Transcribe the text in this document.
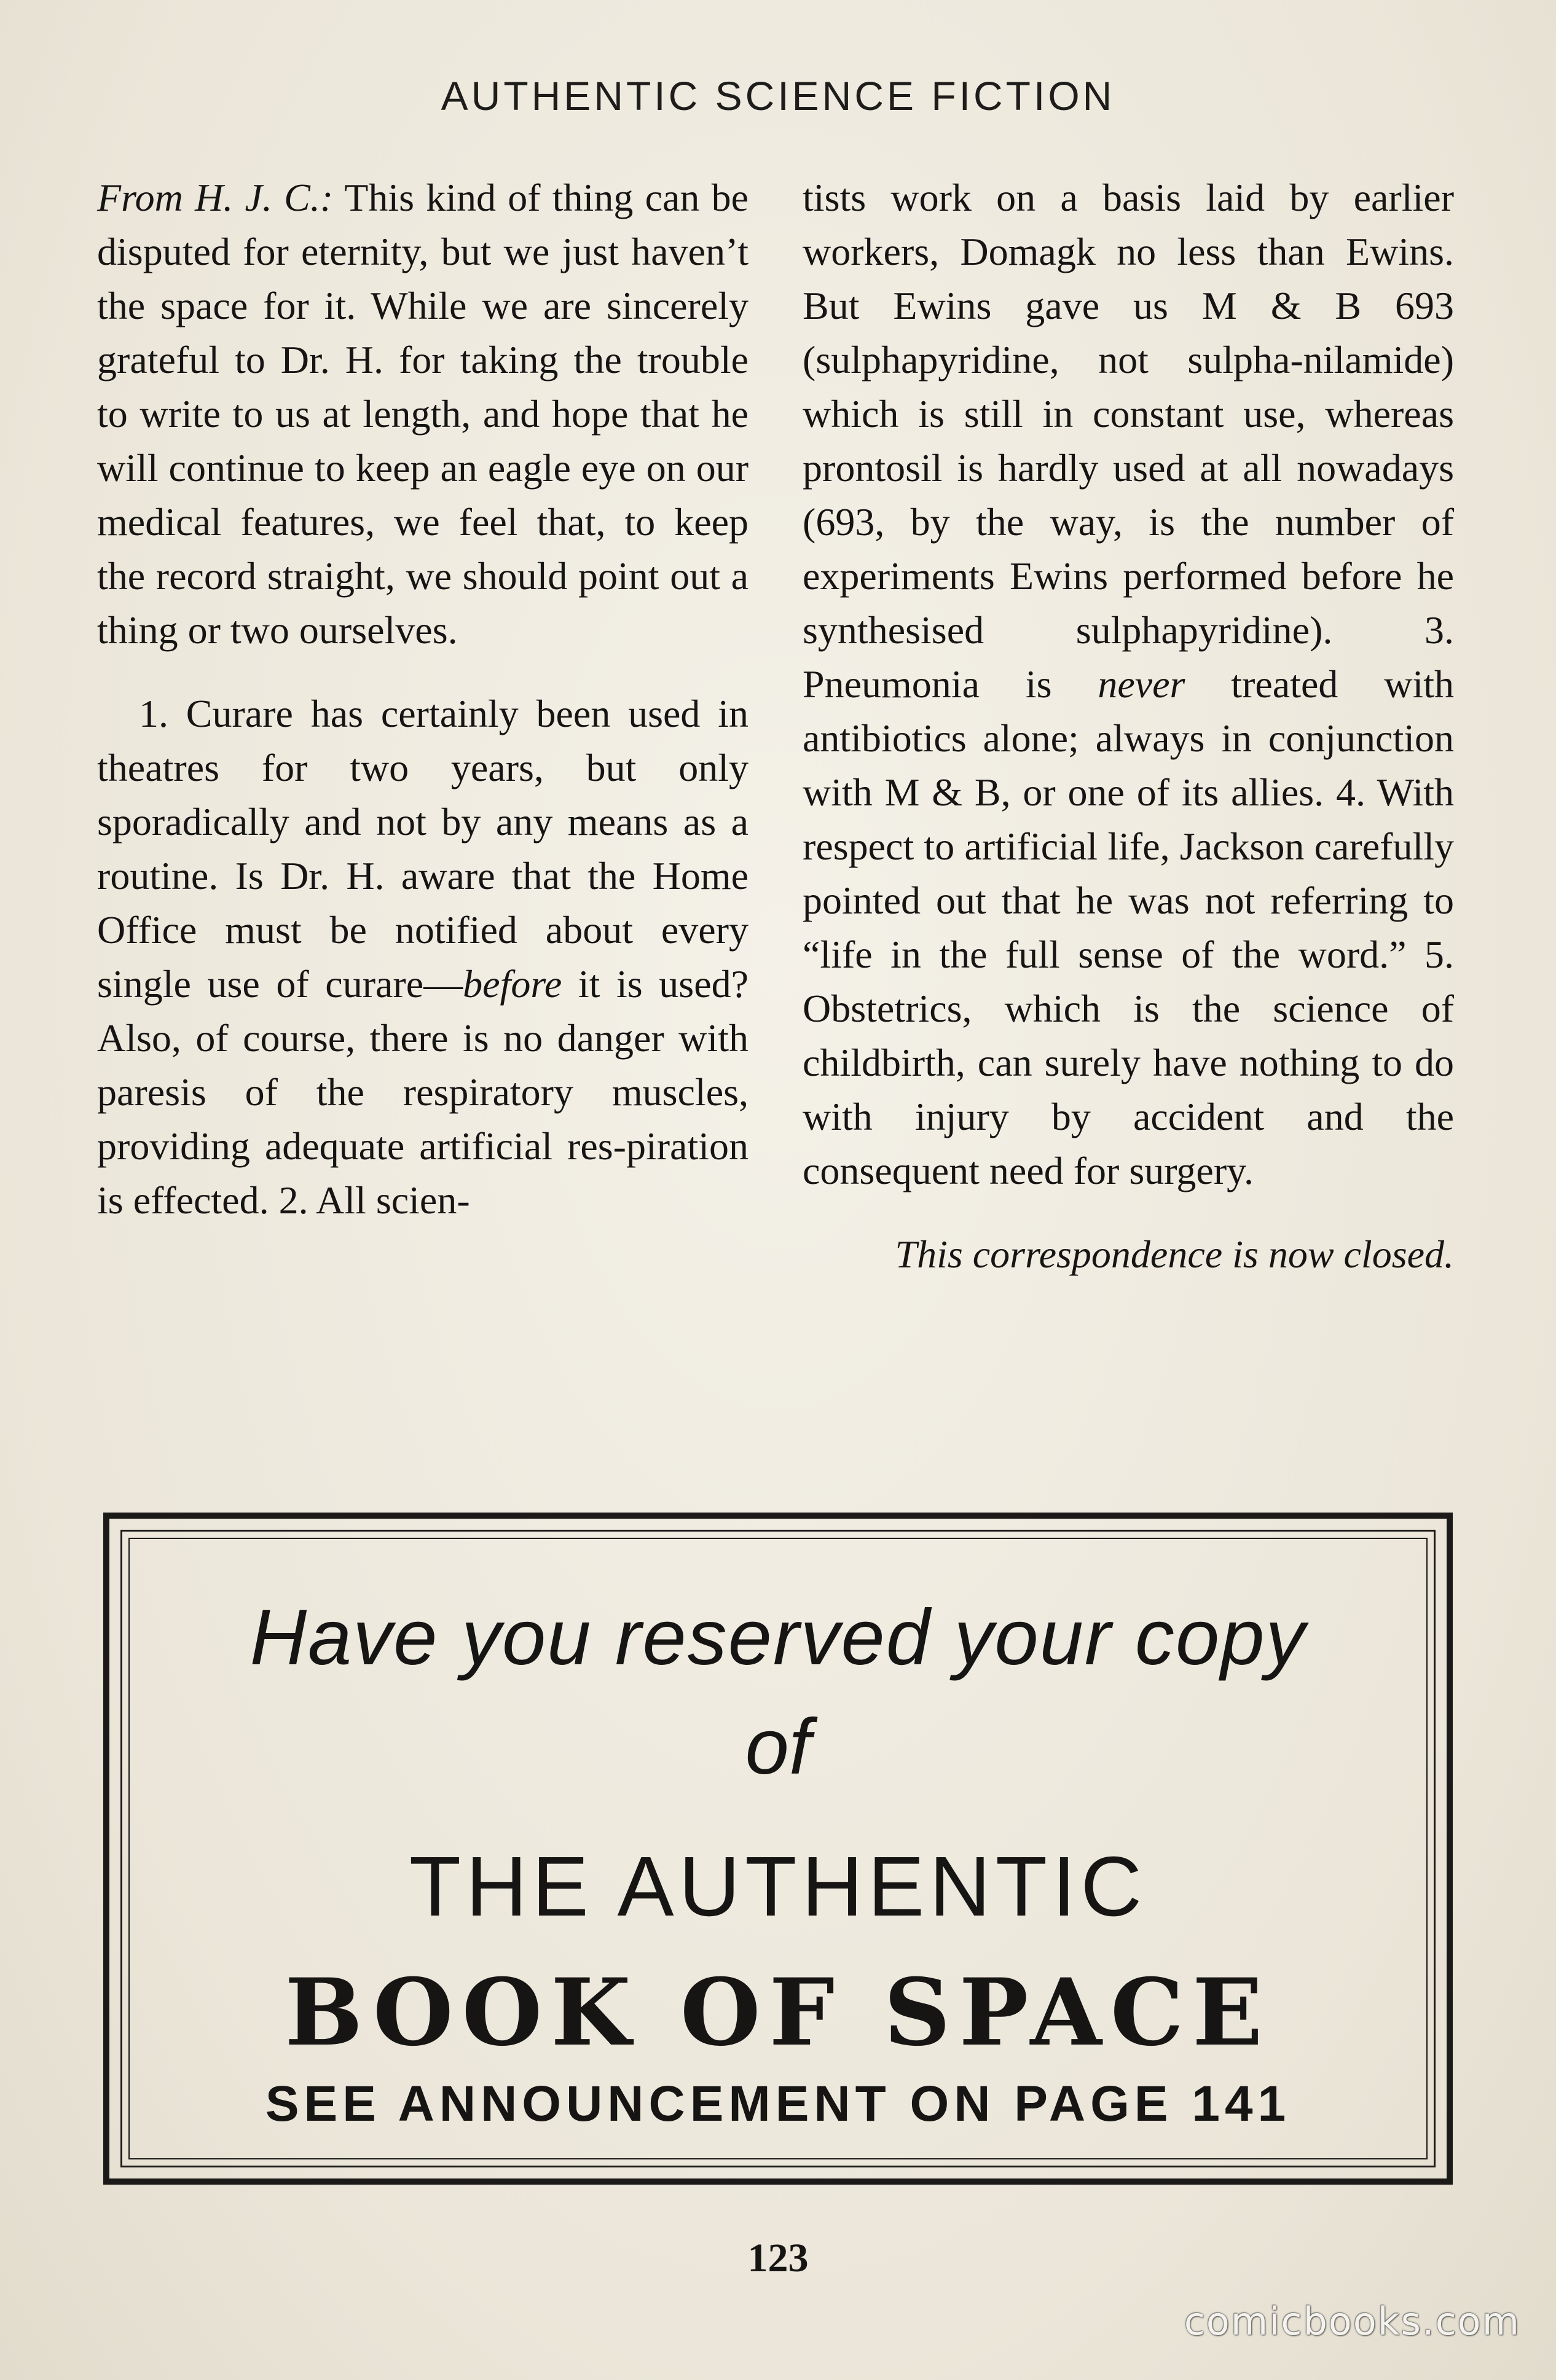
AUTHENTIC SCIENCE FICTION

From H. J. C.: This kind of thing can be disputed for eternity, but we just haven’t the space for it. While we are sincerely grateful to Dr. H. for taking the trouble to write to us at length, and hope that he will continue to keep an eagle eye on our medical features, we feel that, to keep the record straight, we should point out a thing or two ourselves.

1. Curare has certainly been used in theatres for two years, but only sporadically and not by any means as a routine. Is Dr. H. aware that the Home Office must be notified about every single use of curare—before it is used? Also, of course, there is no danger with paresis of the respiratory muscles, providing adequate artificial res-piration is effected. 2. All scien-

tists work on a basis laid by earlier workers, Domagk no less than Ewins. But Ewins gave us M & B 693 (sulphapyridine, not sulpha-nilamide) which is still in constant use, whereas prontosil is hardly used at all nowadays (693, by the way, is the number of experiments Ewins performed before he synthesised sulphapyridine). 3. Pneumonia is never treated with antibiotics alone; always in conjunction with M & B, or one of its allies. 4. With respect to artificial life, Jackson carefully pointed out that he was not referring to “life in the full sense of the word.” 5. Obstetrics, which is the science of childbirth, can surely have nothing to do with injury by accident and the consequent need for surgery.

This correspondence is now closed.

Have you reserved your copy
of
THE AUTHENTIC
BOOK OF SPACE
SEE ANNOUNCEMENT ON PAGE 141
123
comicbooks.com
